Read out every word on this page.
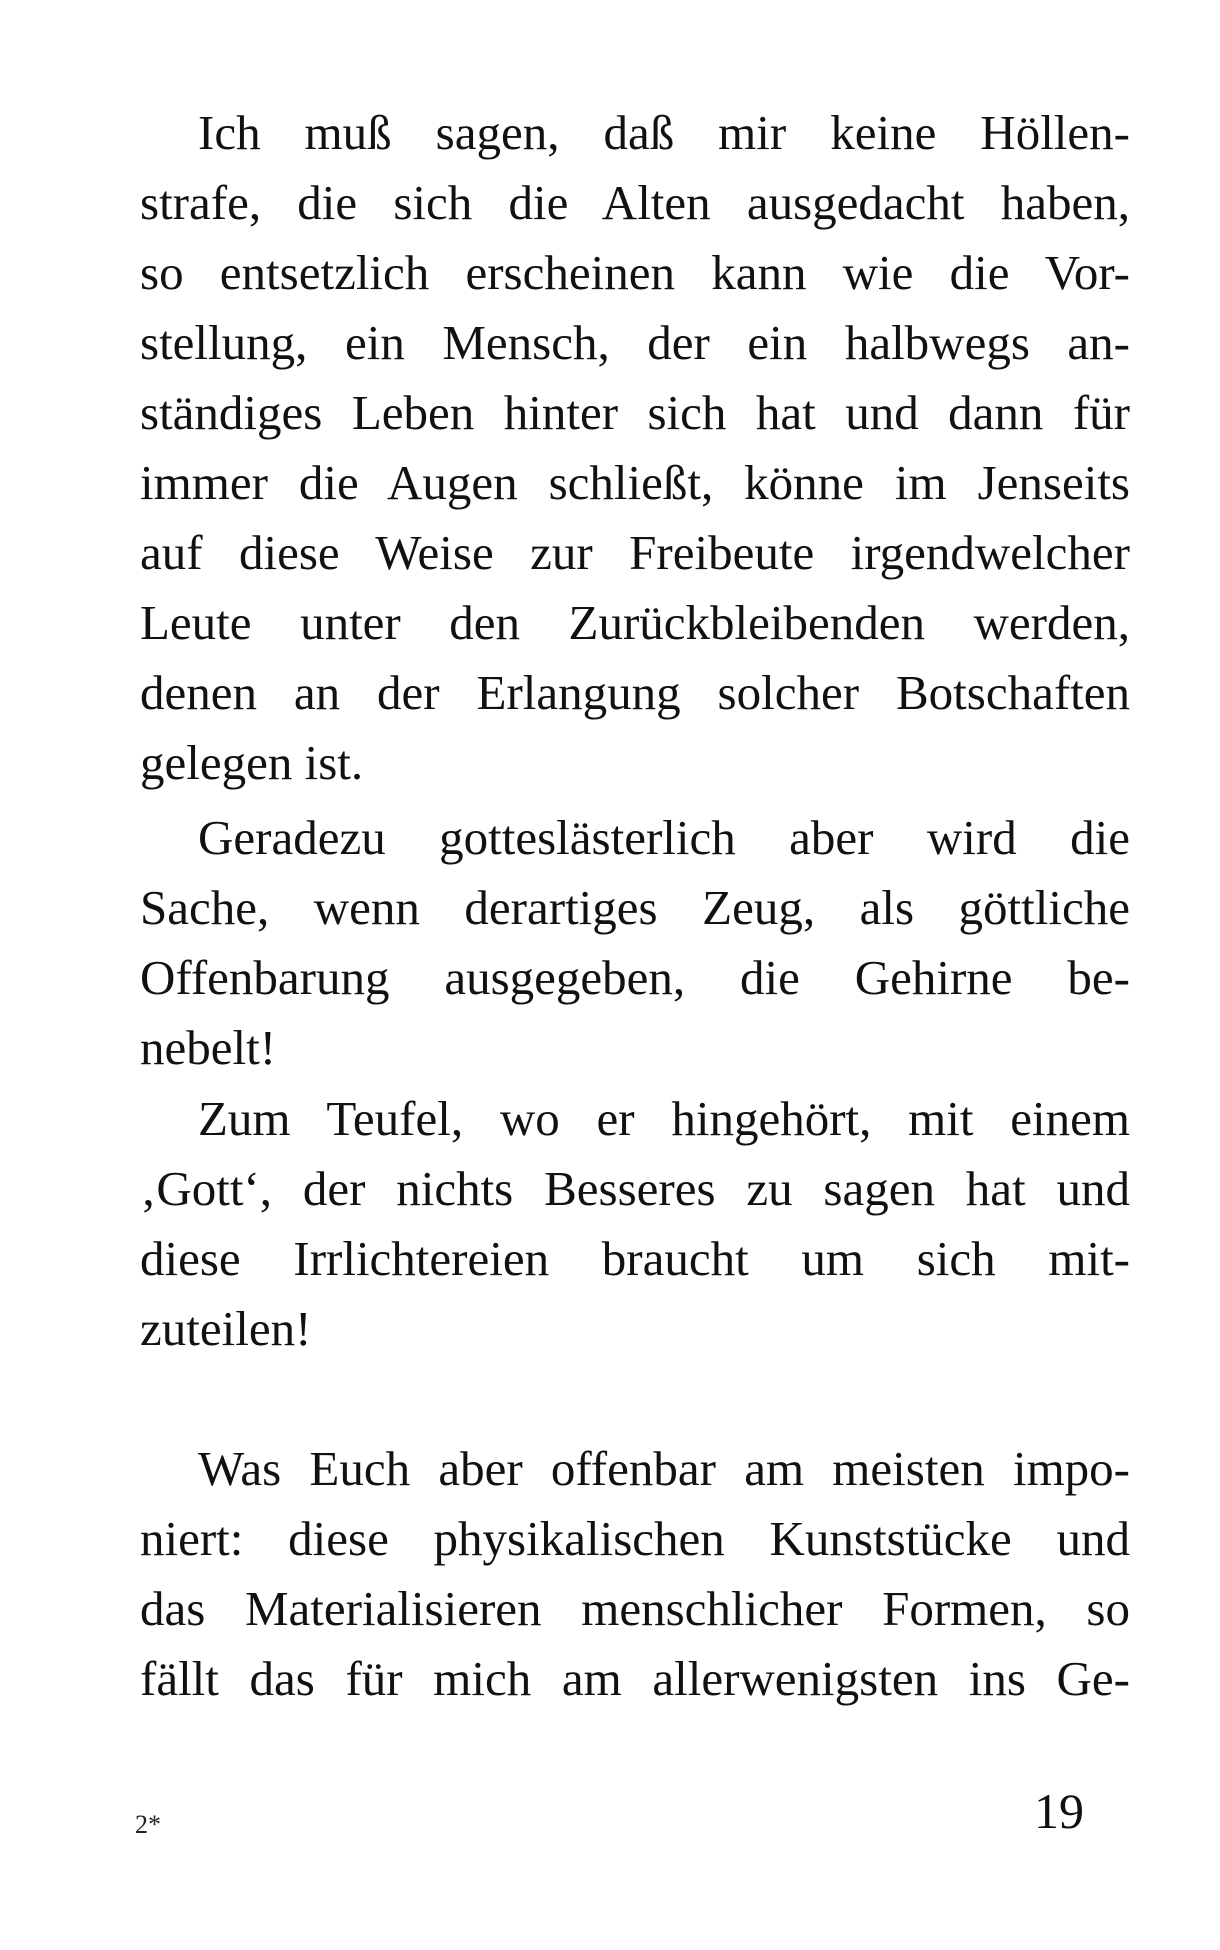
Ich muß sagen, daß mir keine Höllen-
strafe, die sich die Alten ausgedacht haben,
so entsetzlich erscheinen kann wie die Vor-
stellung, ein Mensch, der ein halbwegs an-
ständiges Leben hinter sich hat und dann für
immer die Augen schließt, könne im Jenseits
auf diese Weise zur Freibeute irgendwelcher
Leute unter den Zurückbleibenden werden,
denen an der Erlangung solcher Botschaften
gelegen ist.
Geradezu gotteslästerlich aber wird die
Sache, wenn derartiges Zeug, als göttliche
Offenbarung ausgegeben, die Gehirne be-
nebelt!
Zum Teufel, wo er hingehört, mit einem
‚Gott‘, der nichts Besseres zu sagen hat und
diese Irrlichtereien braucht um sich mit-
zuteilen!
Was Euch aber offenbar am meisten impo-
niert: diese physikalischen Kunststücke und
das Materialisieren menschlicher Formen, so
fällt das für mich am allerwenigsten ins Ge-
2*	19
